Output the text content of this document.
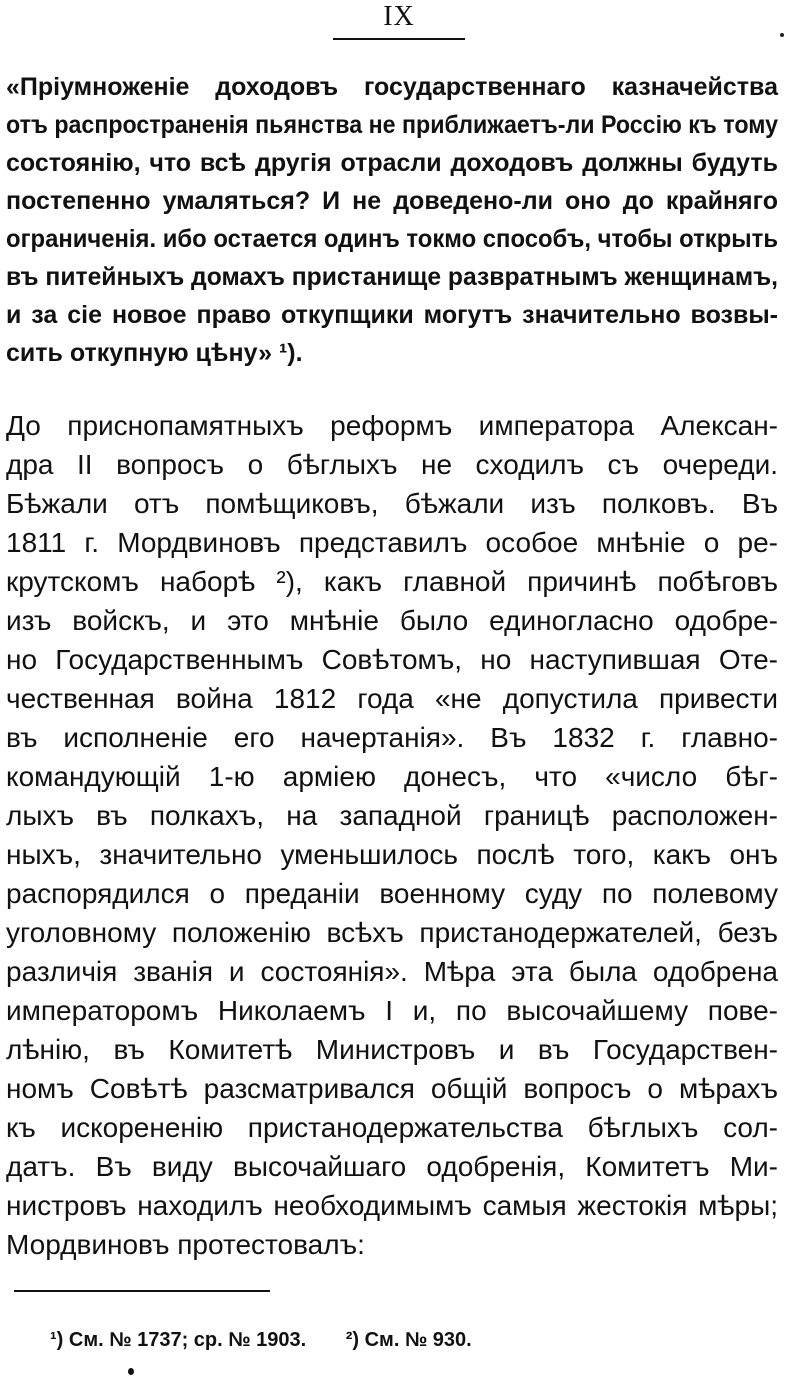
IX
«Пріумноженіе доходовъ государственнаго казначейства
отъ распространенія пьянства не приближаетъ-ли Россію къ тому
состоянію, что всѣ другія отрасли доходовъ должны будуть
постепенно умаляться? И не доведено-ли оно до крайняго
ограниченія. ибо остается одинъ токмо способъ, чтобы открыть
въ питейныхъ домахъ пристанище развратнымъ женщинамъ,
и за сіе новое право откупщики могутъ значительно возвы-
сить откупную цѣну» ¹).
До приснопамятныхъ реформъ императора Алексан-
дра II вопросъ о бѣглыхъ не сходилъ съ очереди.
Бѣжали отъ помѣщиковъ, бѣжали изъ полковъ. Въ
1811 г. Мордвиновъ представилъ особое мнѣніе о ре-
крутскомъ наборѣ ²), какъ главной причинѣ побѣговъ
изъ войскъ, и это мнѣніе было единогласно одобре-
но Государственнымъ Совѣтомъ, но наступившая Оте-
чественная война 1812 года «не допустила привести
въ исполненіе его начертанія». Въ 1832 г. главно-
командующій 1-ю арміею донесъ, что «число бѣг-
лыхъ въ полкахъ, на западной границѣ расположен-
ныхъ, значительно уменьшилось послѣ того, какъ онъ
распорядился о преданіи военному суду по полевому
уголовному положенію всѣхъ пристанодержателей, безъ
различія званія и состоянія». Мѣра эта была одобрена
императоромъ Николаемъ I и, по высочайшему пове-
лѣнію, въ Комитетѣ Министровъ и въ Государствен-
номъ Совѣтѣ разсматривался общій вопросъ о мѣрахъ
къ искорененію пристанодержательства бѣглыхъ сол-
датъ. Въ виду высочайшаго одобренія, Комитетъ Ми-
нистровъ находилъ необходимымъ самыя жестокія мѣры;
Мордвиновъ протестовалъ:
¹) См. № 1737; ср. № 1903. ²) См. № 930.
